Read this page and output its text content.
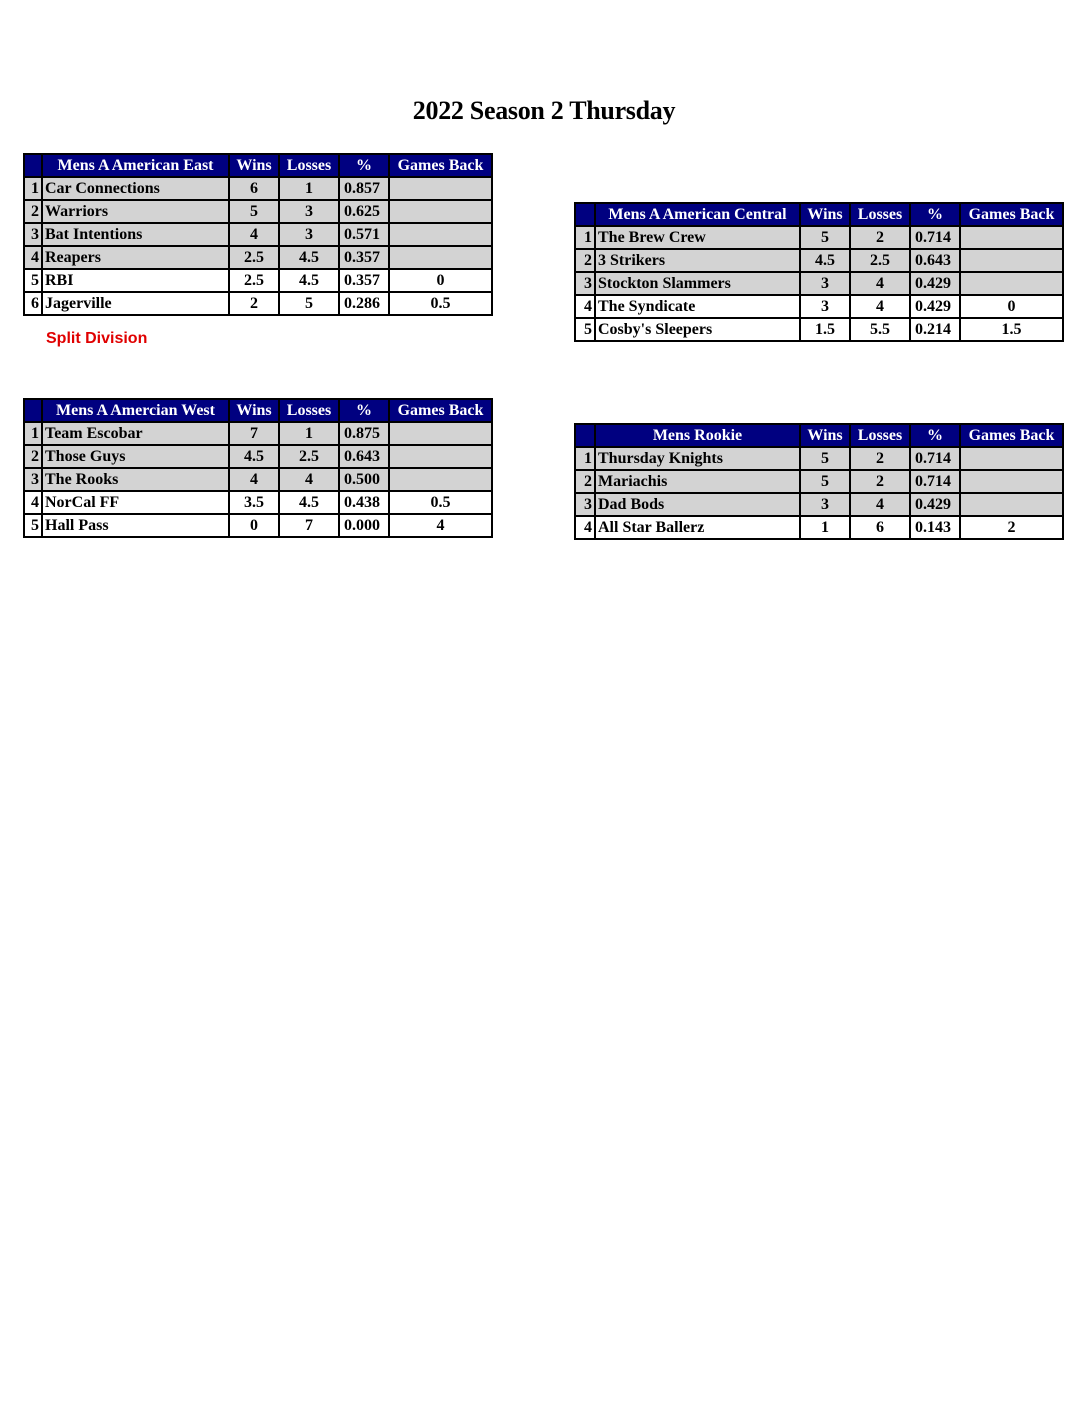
2022 Season 2 Thursday
	Mens A American East	Wins	Losses	%	Games Back
1	Car Connections	6	1	0.857	
2	Warriors	5	3	0.625	
3	Bat Intentions	4	3	0.571	
4	Reapers	2.5	4.5	0.357	
5	RBI	2.5	4.5	0.357	0
6	Jagerville	2	5	0.286	0.5
Split Division
	Mens A American Central	Wins	Losses	%	Games Back
1	The Brew Crew	5	2	0.714	
2	3 Strikers	4.5	2.5	0.643	
3	Stockton Slammers	3	4	0.429	
4	The Syndicate	3	4	0.429	0
5	Cosby's Sleepers	1.5	5.5	0.214	1.5
	Mens A Amercian West	Wins	Losses	%	Games Back
1	Team Escobar	7	1	0.875	
2	Those Guys	4.5	2.5	0.643	
3	The Rooks	4	4	0.500	
4	NorCal FF	3.5	4.5	0.438	0.5
5	Hall Pass	0	7	0.000	4
	Mens Rookie	Wins	Losses	%	Games Back
1	Thursday Knights	5	2	0.714	
2	Mariachis	5	2	0.714	
3	Dad Bods	3	4	0.429	
4	All Star Ballerz	1	6	0.143	2
